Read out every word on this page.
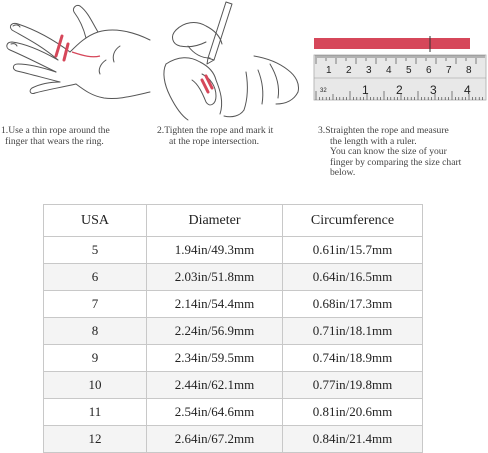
1 2 3 4 5 6 7 8
32	1 2 3 4
1.Use a thin rope around the
finger that wears the ring.
2.Tighten the rope and mark it
at the rope intersection.
3.Straighten the rope and measure
the length with a ruler.
You can know the size of your
finger by comparing the size chart
below.
USA	Diameter	Circumference
5	1.94in/49.3mm	0.61in/15.7mm
6	2.03in/51.8mm	0.64in/16.5mm
7	2.14in/54.4mm	0.68in/17.3mm
8	2.24in/56.9mm	0.71in/18.1mm
9	2.34in/59.5mm	0.74in/18.9mm
10	2.44in/62.1mm	0.77in/19.8mm
11	2.54in/64.6mm	0.81in/20.6mm
12	2.64in/67.2mm	0.84in/21.4mm
